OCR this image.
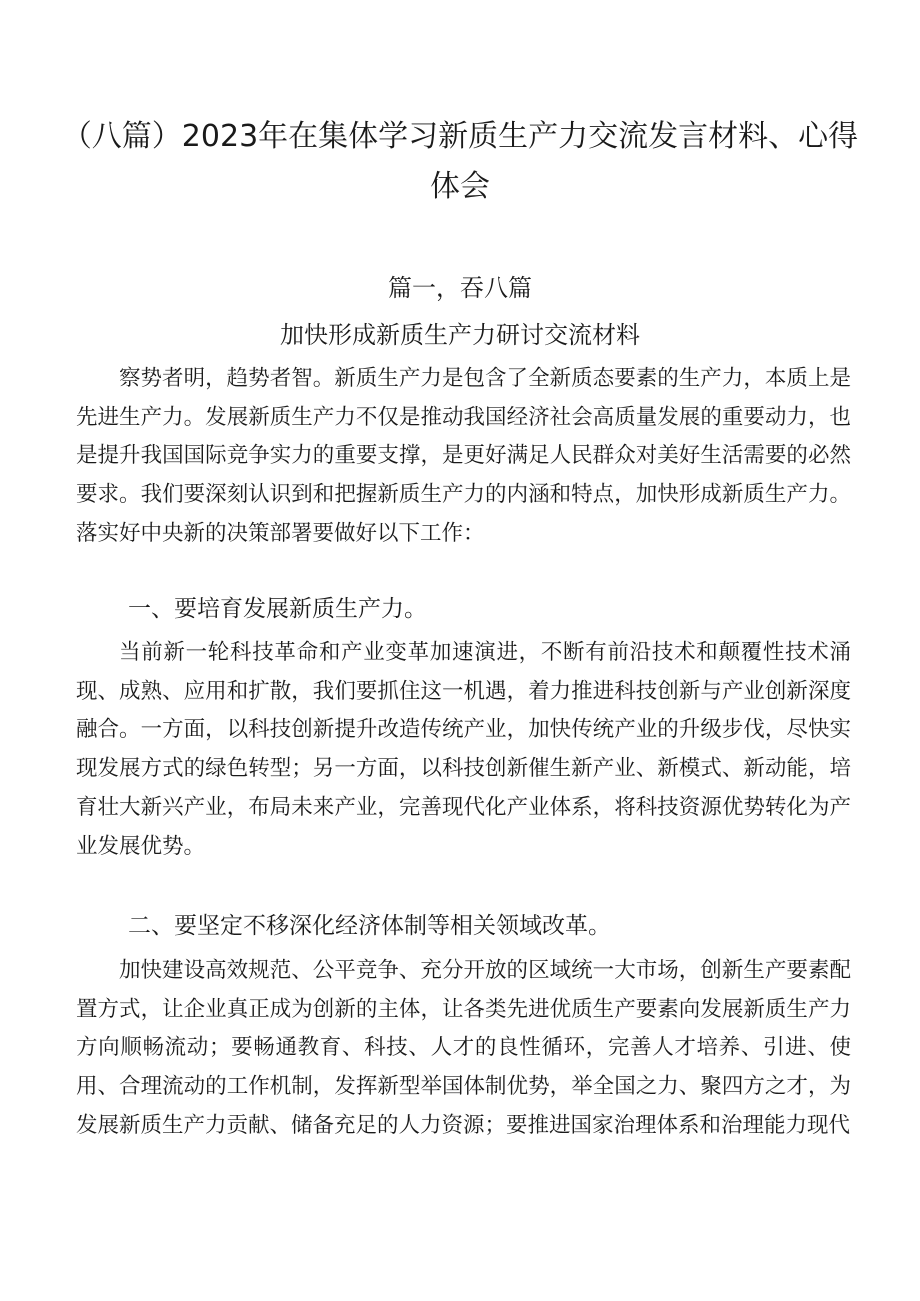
（八篇）2023年在集体学习新质生产力交流发言材料、心得体会
篇一，吞八篇
加快形成新质生产力研讨交流材料

察势者明，趋势者智。新质生产力是包含了全新质态要素的生产力，本质上是先进生产力。发展新质生产力不仅是推动我国经济社会高质量发展的重要动力，也是提升我国国际竞争实力的重要支撑，是更好满足人民群众对美好生活需要的必然要求。我们要深刻认识到和把握新质生产力的内涵和特点，加快形成新质生产力。落实好中央新的决策部署要做好以下工作：

一、要培育发展新质生产力。

当前新一轮科技革命和产业变革加速演进，不断有前沿技术和颠覆性技术涌现、成熟、应用和扩散，我们要抓住这一机遇，着力推进科技创新与产业创新深度融合。一方面，以科技创新提升改造传统产业，加快传统产业的升级步伐，尽快实现发展方式的绿色转型；另一方面，以科技创新催生新产业、新模式、新动能，培育壮大新兴产业，布局未来产业，完善现代化产业体系，将科技资源优势转化为产业发展优势。

二、要坚定不移深化经济体制等相关领域改革。

加快建设高效规范、公平竞争、充分开放的区域统一大市场，创新生产要素配置方式，让企业真正成为创新的主体，让各类先进优质生产要素向发展新质生产力方向顺畅流动；要畅通教育、科技、人才的良性循环，完善人才培养、引进、使用、合理流动的工作机制，发挥新型举国体制优势，举全国之力、聚四方之才，为发展新质生产力贡献、储备充足的人力资源；要推进国家治理体系和治理能力现代
